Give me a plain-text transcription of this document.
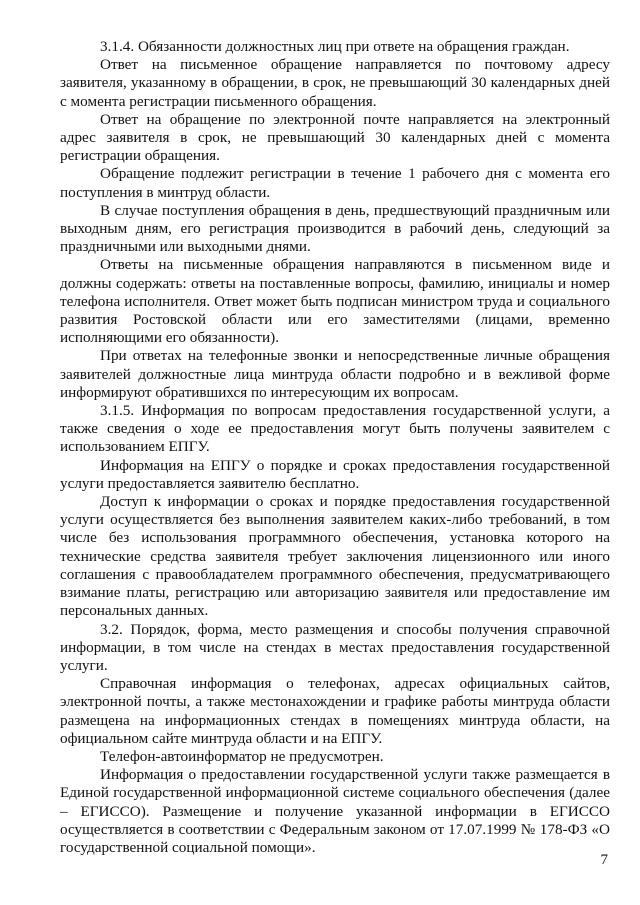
3.1.4. Обязанности должностных лиц при ответе на обращения граждан.

Ответ на письменное обращение направляется по почтовому адресу заявителя, указанному в обращении, в срок, не превышающий 30 календарных дней с момента регистрации письменного обращения.

Ответ на обращение по электронной почте направляется на электронный адрес заявителя в срок, не превышающий 30 календарных дней с момента регистрации обращения.

Обращение подлежит регистрации в течение 1 рабочего дня с момента его поступления в минтруд области.

В случае поступления обращения в день, предшествующий праздничным или выходным дням, его регистрация производится в рабочий день, следующий за праздничными или выходными днями.

Ответы на письменные обращения направляются в письменном виде и должны содержать: ответы на поставленные вопросы, фамилию, инициалы и номер телефона исполнителя. Ответ может быть подписан министром труда и социального развития Ростовской области или его заместителями (лицами, временно исполняющими его обязанности).

При ответах на телефонные звонки и непосредственные личные обращения заявителей должностные лица минтруда области подробно и в вежливой форме информируют обратившихся по интересующим их вопросам.

3.1.5. Информация по вопросам предоставления государственной услуги, а также сведения о ходе ее предоставления могут быть получены заявителем с использованием ЕПГУ.

Информация на ЕПГУ о порядке и сроках предоставления государственной услуги предоставляется заявителю бесплатно.

Доступ к информации о сроках и порядке предоставления государственной услуги осуществляется без выполнения заявителем каких-либо требований, в том числе без использования программного обеспечения, установка которого на технические средства заявителя требует заключения лицензионного или иного соглашения с правообладателем программного обеспечения, предусматривающего взимание платы, регистрацию или авторизацию заявителя или предоставление им персональных данных.

3.2. Порядок, форма, место размещения и способы получения справочной информации, в том числе на стендах в местах предоставления государственной услуги.

Справочная информация о телефонах, адресах официальных сайтов, электронной почты, а также местонахождении и графике работы минтруда области размещена на информационных стендах в помещениях минтруда области, на официальном сайте минтруда области и на ЕПГУ.

Телефон-автоинформатор не предусмотрен.

Информация о предоставлении государственной услуги также размещается в Единой государственной информационной системе социального обеспечения (далее – ЕГИССО). Размещение и получение указанной информации в ЕГИССО осуществляется в соответствии с Федеральным законом от 17.07.1999 № 178-ФЗ «О государственной социальной помощи».

7
